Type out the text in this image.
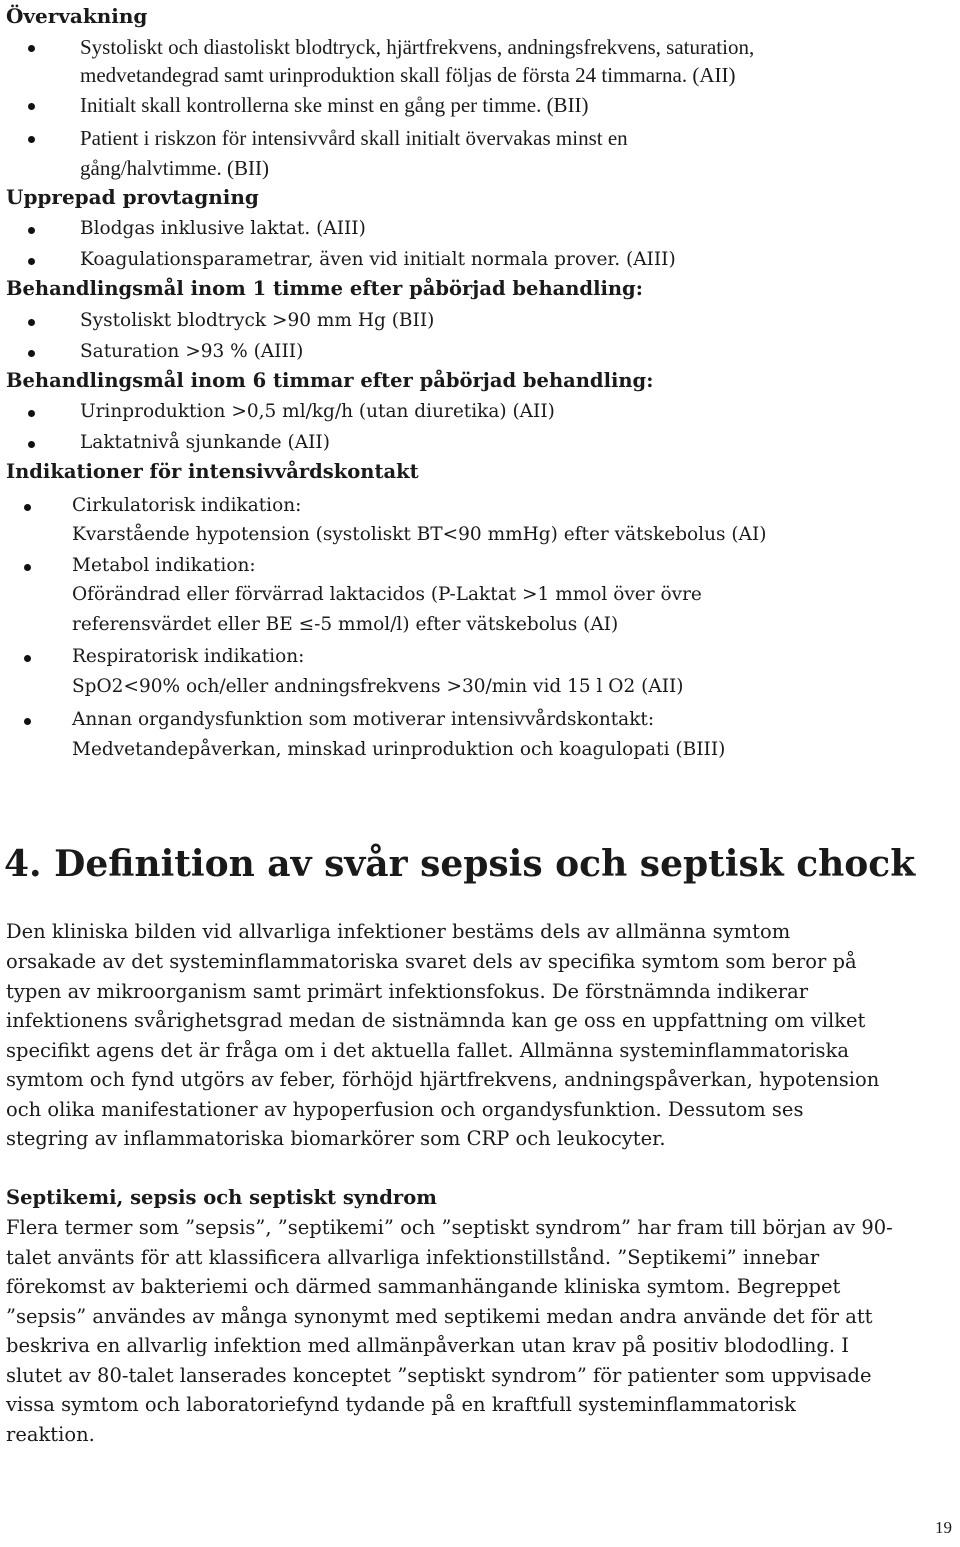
Övervakning
Systoliskt och diastoliskt blodtryck, hjärtfrekvens, andningsfrekvens, saturation,
medvetandegrad samt urinproduktion skall följas de första 24 timmarna. (AII)
Initialt skall kontrollerna ske minst en gång per timme. (BII)
Patient i riskzon för intensivvård skall initialt övervakas minst en
gång/halvtimme. (BII)
Upprepad provtagning
Blodgas inklusive laktat. (AIII)
Koagulationsparametrar, även vid initialt normala prover. (AIII)
Behandlingsmål inom 1 timme efter påbörjad behandling:
Systoliskt blodtryck >90 mm Hg (BII)
Saturation >93 % (AIII)
Behandlingsmål inom 6 timmar efter påbörjad behandling:
Urinproduktion >0,5 ml/kg/h (utan diuretika) (AII)
Laktatnivå sjunkande (AII)
Indikationer för intensivvårdskontakt
Cirkulatorisk indikation:
Kvarstående hypotension (systoliskt BT<90 mmHg) efter vätskebolus (AI)
Metabol indikation:
Oförändrad eller förvärrad laktacidos (P-Laktat >1 mmol över övre
referensvärdet eller BE ≤-5 mmol/l) efter vätskebolus (AI)
Respiratorisk indikation:
SpO2<90% och/eller andningsfrekvens >30/min vid 15 l O2 (AII)
Annan organdysfunktion som motiverar intensivvårdskontakt:
Medvetandepåverkan, minskad urinproduktion och koagulopati (BIII)
4. Definition av svår sepsis och septisk chock
Den kliniska bilden vid allvarliga infektioner bestäms dels av allmänna symtom
orsakade av det systeminflammatoriska svaret dels av specifika symtom som beror på
typen av mikroorganism samt primärt infektionsfokus. De förstnämnda indikerar
infektionens svårighetsgrad medan de sistnämnda kan ge oss en uppfattning om vilket
specifikt agens det är fråga om i det aktuella fallet. Allmänna systeminflammatoriska
symtom och fynd utgörs av feber, förhöjd hjärtfrekvens, andningspåverkan, hypotension
och olika manifestationer av hypoperfusion och organdysfunktion. Dessutom ses
stegring av inflammatoriska biomarkörer som CRP och leukocyter.
Septikemi, sepsis och septiskt syndrom
Flera termer som ”sepsis”, ”septikemi” och ”septiskt syndrom” har fram till början av 90-
talet använts för att klassificera allvarliga infektionstillstånd. ”Septikemi” innebar
förekomst av bakteriemi och därmed sammanhängande kliniska symtom. Begreppet
”sepsis” användes av många synonymt med septikemi medan andra använde det för att
beskriva en allvarlig infektion med allmänpåverkan utan krav på positiv blododling. I
slutet av 80-talet lanserades konceptet ”septiskt syndrom” för patienter som uppvisade
vissa symtom och laboratoriefynd tydande på en kraftfull systeminflammatorisk
reaktion.
19
